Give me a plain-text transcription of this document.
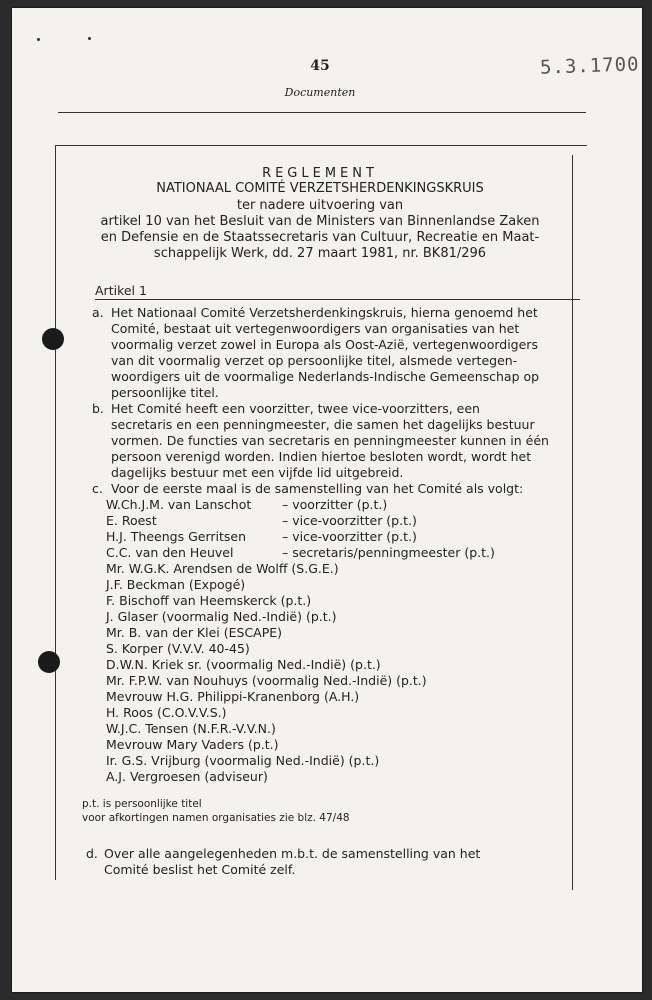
45
Documenten
5.3.1700
REGLEMENT
NATIONAAL COMITÉ VERZETSHERDENKINGSKRUIS
ter nadere uitvoering van
artikel 10 van het Besluit van de Ministers van Binnenlandse Zaken
en Defensie en de Staatssecretaris van Cultuur, Recreatie en Maat-
schappelijk Werk, dd. 27 maart 1981, nr. BK81/296
Artikel 1
a. Het Nationaal Comité Verzetsherdenkingskruis, hierna genoemd het
Comité, bestaat uit vertegenwoordigers van organisaties van het
voormalig verzet zowel in Europa als Oost-Azië, vertegenwoordigers
van dit voormalig verzet op persoonlijke titel, alsmede vertegen-
woordigers uit de voormalige Nederlands-Indische Gemeenschap op
persoonlijke titel.
b. Het Comité heeft een voorzitter, twee vice-voorzitters, een
secretaris en een penningmeester, die samen het dagelijks bestuur
vormen. De functies van secretaris en penningmeester kunnen in één
persoon verenigd worden. Indien hiertoe besloten wordt, wordt het
dagelijks bestuur met een vijfde lid uitgebreid.
c. Voor de eerste maal is de samenstelling van het Comité als volgt:
W.Ch.J.M. van Lanschot – voorzitter (p.t.)
E. Roest	– vice-voorzitter (p.t.)
H.J. Theengs Gerritsen	– vice-voorzitter (p.t.)
C.C. van den Heuvel	– secretaris/penningmeester (p.t.)
Mr. W.G.K. Arendsen de Wolff (S.G.E.)
J.F. Beckman (Expogé)
F. Bischoff van Heemskerck (p.t.)
J. Glaser (voormalig Ned.-Indië) (p.t.)
Mr. B. van der Klei (ESCAPE)
S. Korper (V.V.V. 40-45)
D.W.N. Kriek sr. (voormalig Ned.-Indië) (p.t.)
Mr. F.P.W. van Nouhuys (voormalig Ned.-Indië) (p.t.)
Mevrouw H.G. Philippi-Kranenborg (A.H.)
H. Roos (C.O.V.V.S.)
W.J.C. Tensen (N.F.R.-V.V.N.)
Mevrouw Mary Vaders (p.t.)
Ir. G.S. Vrijburg (voormalig Ned.-Indië) (p.t.)
A.J. Vergroesen (adviseur)
p.t. is persoonlijke titel
voor afkortingen namen organisaties zie blz. 47/48
d. Over alle aangelegenheden m.b.t. de samenstelling van het
Comité beslist het Comité zelf.
